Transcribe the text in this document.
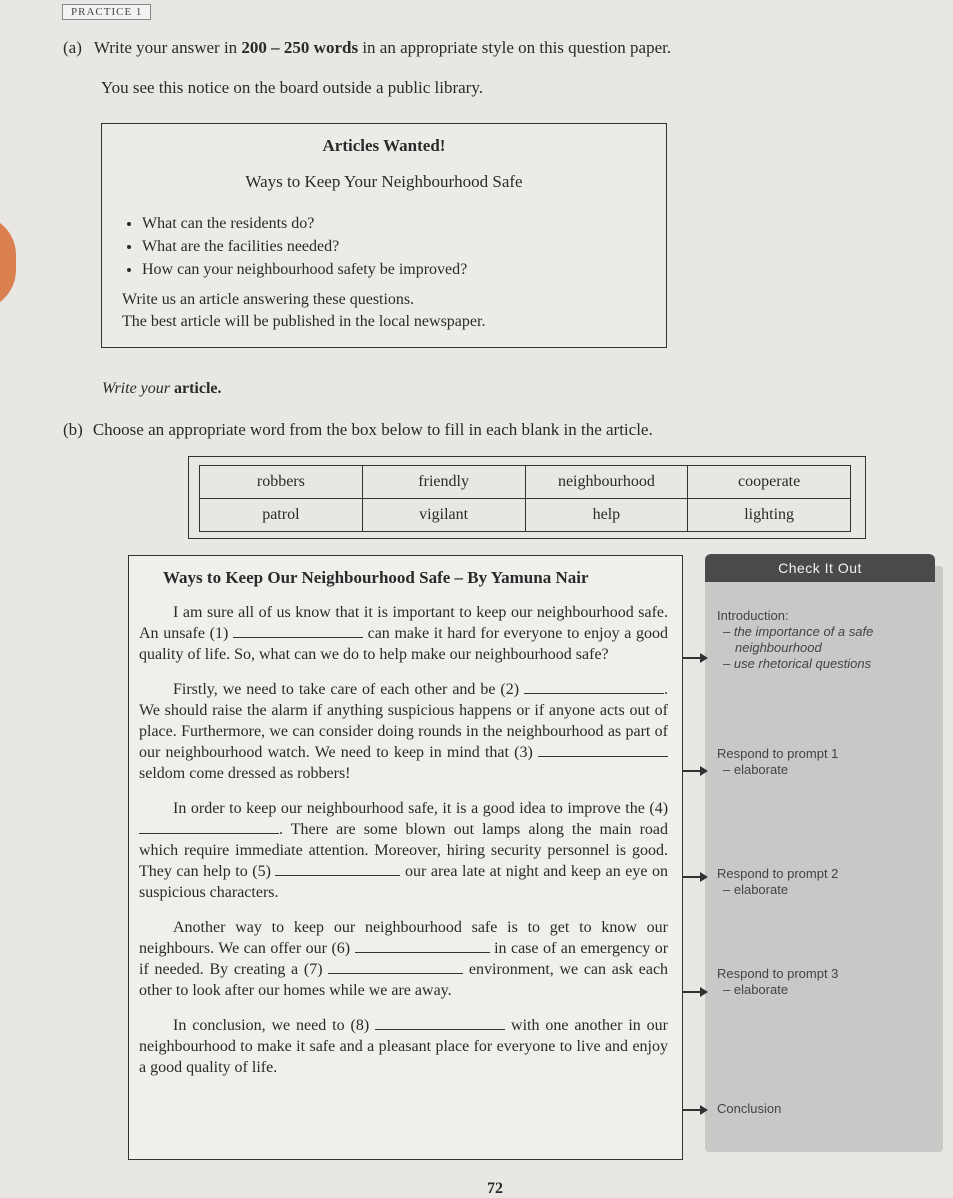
PRACTICE 1
(a) Write your answer in 200 – 250 words in an appropriate style on this question paper.
You see this notice on the board outside a public library.
Articles Wanted!
Ways to Keep Your Neighbourhood Safe
• What can the residents do?
• What are the facilities needed?
• How can your neighbourhood safety be improved?
Write us an article answering these questions.
The best article will be published in the local newspaper.
Write your article.
(b) Choose an appropriate word from the box below to fill in each blank in the article.
robbers	friendly	neighbourhood	cooperate
patrol	vigilant	help	lighting
Ways to Keep Our Neighbourhood Safe – By Yamuna Nair

I am sure all of us know that it is important to keep our neighbourhood safe. An unsafe (1)	can make it hard for everyone to enjoy a good quality of life. So, what can we do to help make our neighbourhood safe?

Firstly, we need to take care of each other and be (2)	. We should raise the alarm if anything suspicious happens or if anyone acts out of place. Furthermore, we can consider doing rounds in the neighbourhood as part of our neighbourhood watch. We need to keep in mind that (3)  seldom come dressed as robbers!

In order to keep our neighbourhood safe, it is a good idea to improve the (4) . There are some blown out lamps along the main road which require immediate attention. Moreover, hiring security personnel is good. They can help to (5)	our area late at night and keep an eye on suspicious characters.

Another way to keep our neighbourhood safe is to get to know our neighbours. We can offer our (6)	in case of an emergency or if needed. By creating a (7)	environment, we can ask each other to look after our homes while we are away.

In conclusion, we need to (8)	with one another in our neighbourhood to make it safe and a pleasant place for everyone to live and enjoy a good quality of life.

Check It Out
Introduction:
– the importance of a safe
neighbourhood
– use rhetorical questions
Respond to prompt 1
– elaborate
Respond to prompt 2
– elaborate
Respond to prompt 3
– elaborate
Conclusion
72
